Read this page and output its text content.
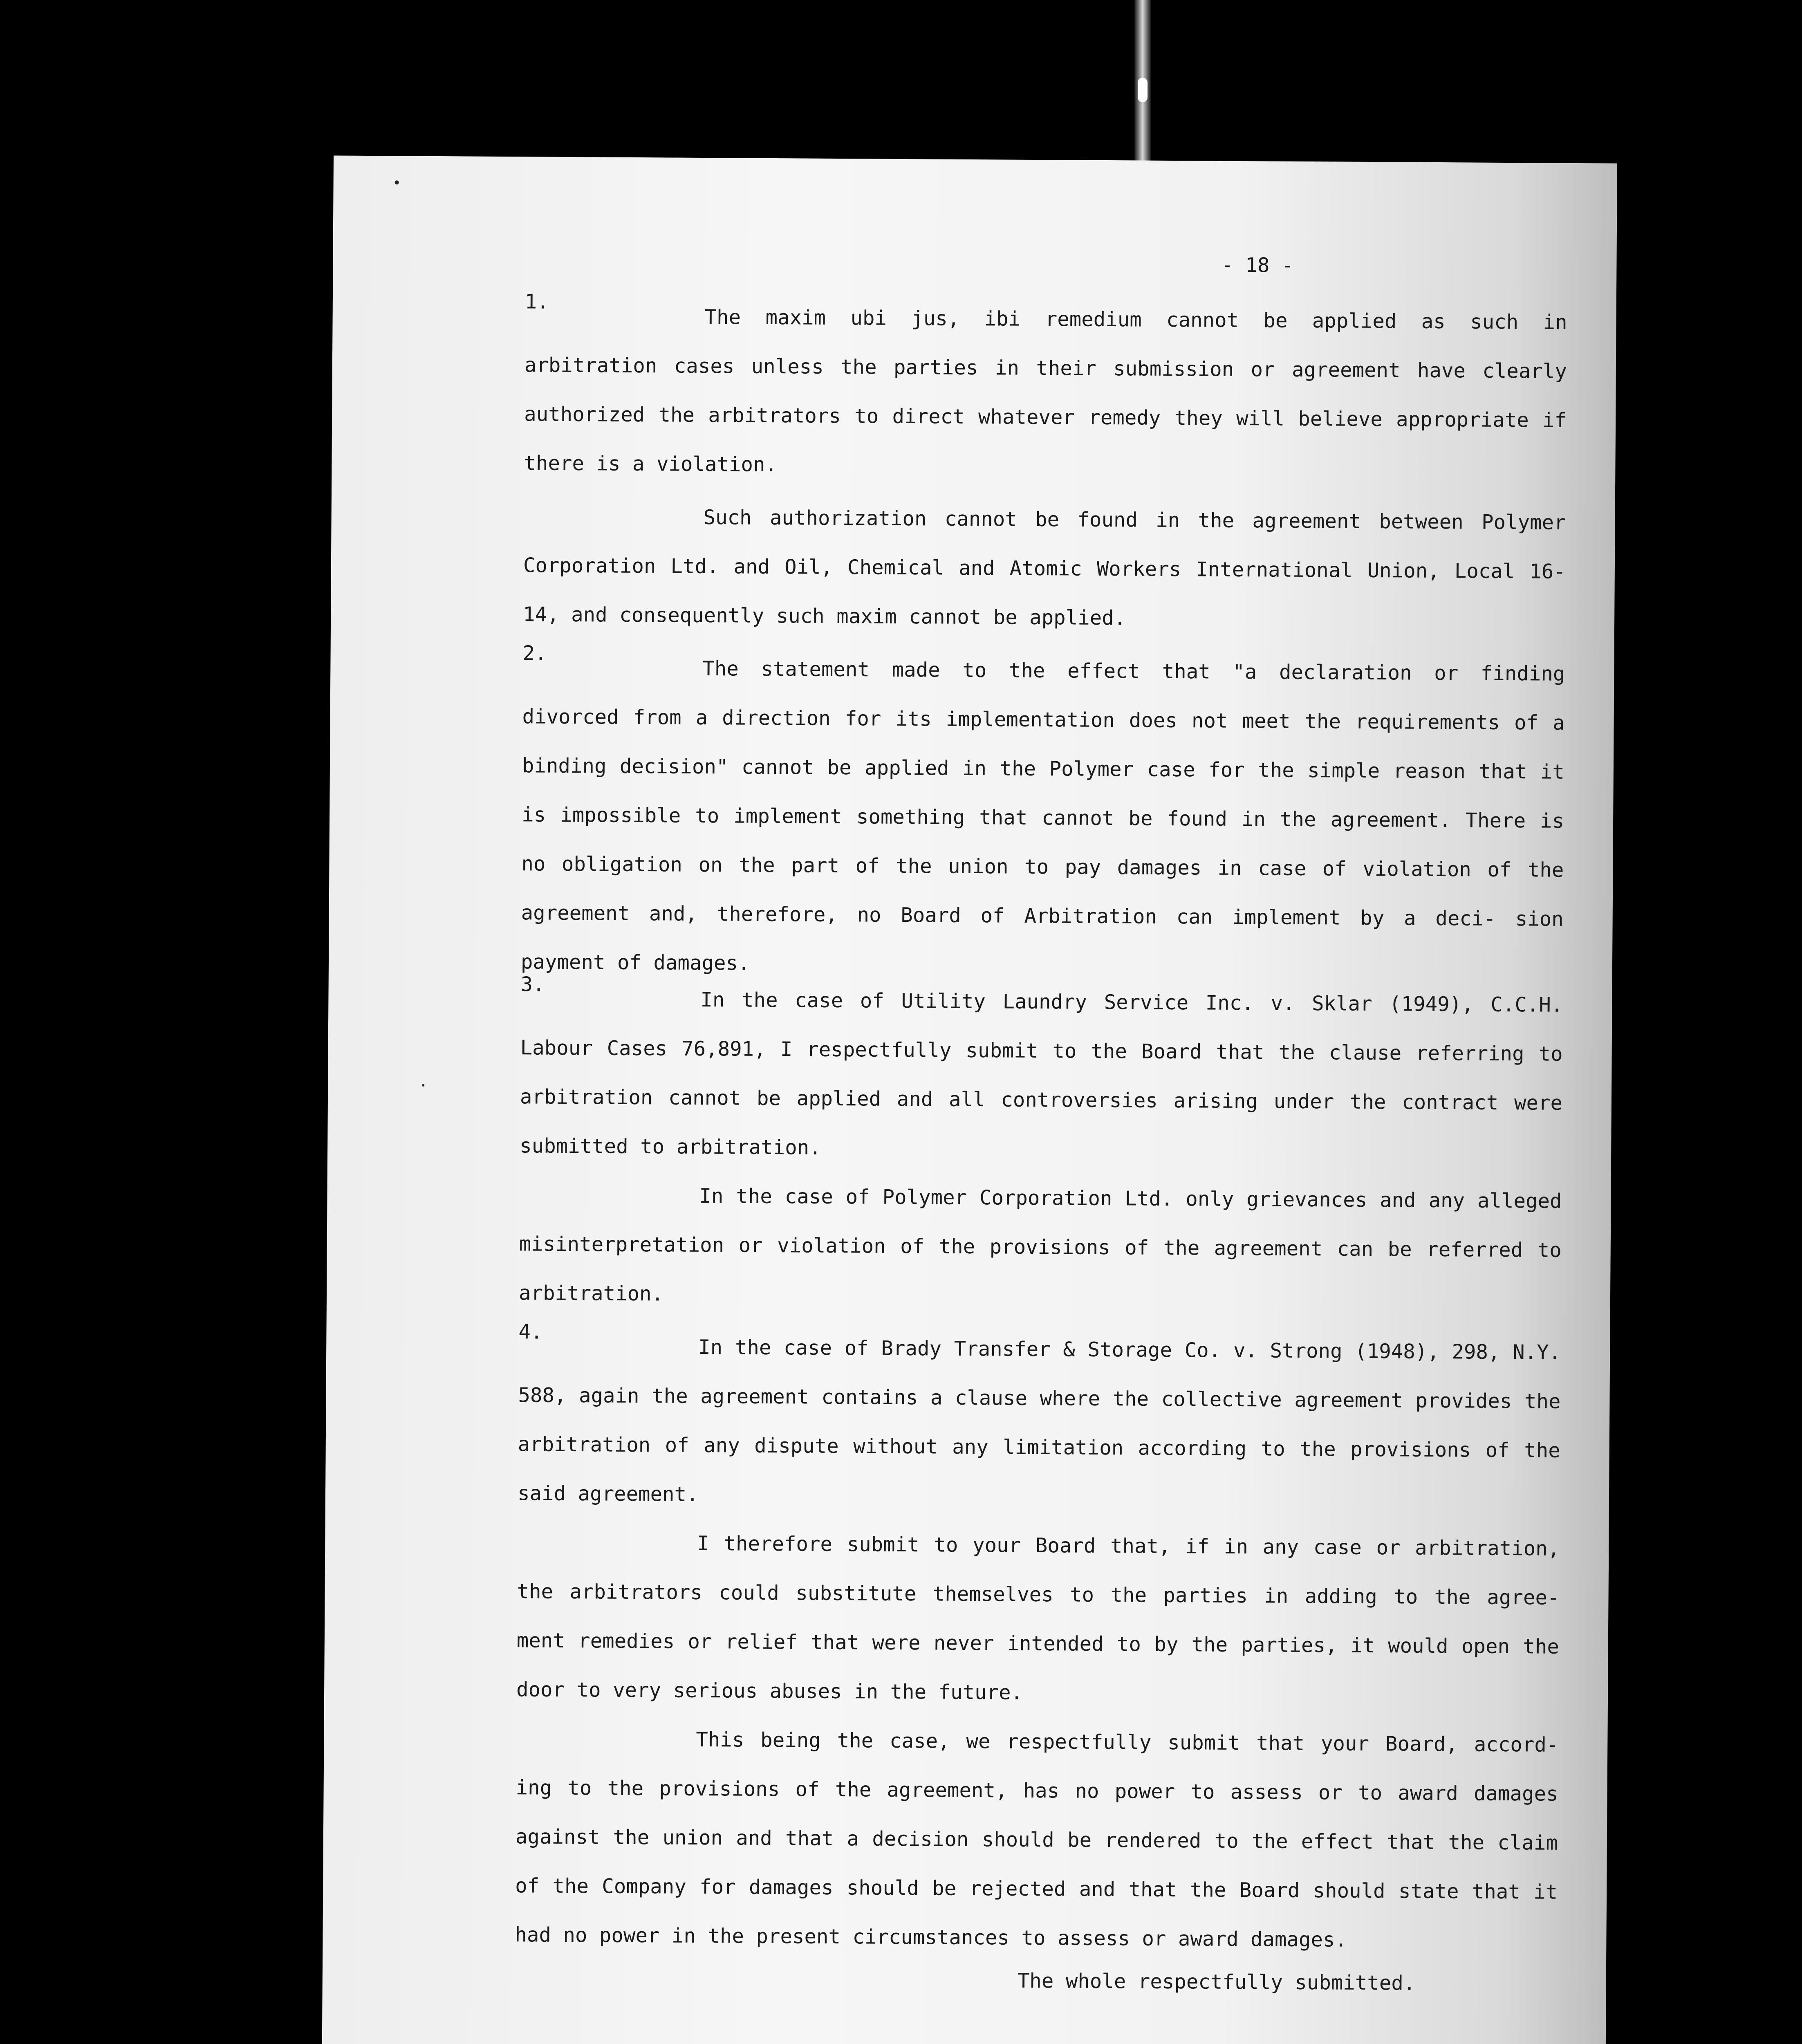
- 18 -
1.

The maxim ubi jus, ibi remedium cannot be applied as such in arbitration cases unless the parties in their submission or agreement have clearly authorized the arbitrators to direct whatever remedy they will believe appropriate if there is a violation.

Such authorization cannot be found in the agreement between Polymer Corporation Ltd. and Oil, Chemical and Atomic Workers International Union, Local 16-14, and consequently such maxim cannot be applied.

2.

The statement made to the effect that "a declaration or finding divorced from a direction for its implementation does not meet the requirements of a binding decision" cannot be applied in the Polymer case for the simple reason that it is impossible to implement something that cannot be found in the agreement. There is no obligation on the part of the union to pay damages in case of violation of the agreement and, therefore, no Board of Arbitration can implement by a deci- sion payment of damages.

3.

In the case of Utility Laundry Service Inc. v. Sklar (1949), C.C.H. Labour Cases 76,891, I respectfully submit to the Board that the clause referring to arbitration cannot be applied and all controversies arising under the contract were submitted to arbitration.

In the case of Polymer Corporation Ltd. only grievances and any alleged misinterpretation or violation of the provisions of the agreement can be referred to arbitration.

4.

In the case of Brady Transfer & Storage Co. v. Strong (1948), 298, N.Y. 588, again the agreement contains a clause where the collective agreement provides the arbitration of any dispute without any limitation according to the provisions of the said agreement.

I therefore submit to your Board that, if in any case or arbitration, the arbitrators could substitute themselves to the parties in adding to the agree- ment remedies or relief that were never intended to by the parties, it would open the door to very serious abuses in the future.

This being the case, we respectfully submit that your Board, accord- ing to the provisions of the agreement, has no power to assess or to award damages against the union and that a decision should be rendered to the effect that the claim of the Company for damages should be rejected and that the Board should state that it had no power in the present circumstances to assess or award damages.

The whole respectfully submitted.
